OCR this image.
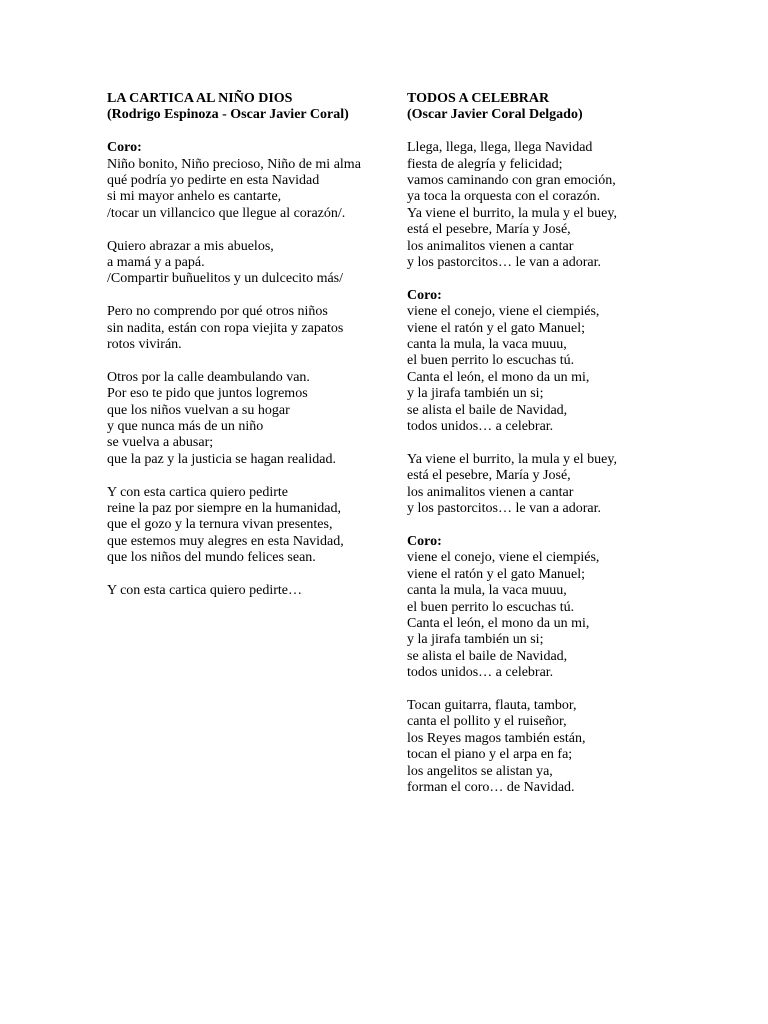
LA CARTICA AL NIÑO DIOS
(Rodrigo Espinoza - Oscar Javier Coral)
Coro:
Niño bonito, Niño precioso, Niño de mi alma
qué podría yo pedirte en esta Navidad
si mi mayor anhelo es cantarte,
/tocar un villancico que llegue al corazón/.
Quiero abrazar a mis abuelos,
a mamá y a papá.
/Compartir buñuelitos y un dulcecito más/
Pero no comprendo por qué otros niños
sin nadita, están con ropa viejita y zapatos
rotos vivirán.
Otros por la calle deambulando van.
Por eso te pido que juntos logremos
que los niños vuelvan a su hogar
y que nunca más de un niño
se vuelva a abusar;
que la paz y la justicia se hagan realidad.
Y con esta cartica quiero pedirte
reine la paz por siempre en la humanidad,
que el gozo y la ternura vivan presentes,
que estemos muy alegres en esta Navidad,
que los niños del mundo felices sean.
Y con esta cartica quiero pedirte…
TODOS A CELEBRAR
(Oscar Javier Coral Delgado)
Llega, llega, llega, llega Navidad
fiesta de alegría y felicidad;
vamos caminando con gran emoción,
ya toca la orquesta con el corazón.
Ya viene el burrito, la mula y el buey,
está el pesebre, María y José,
los animalitos vienen a cantar
y los pastorcitos… le van a adorar.
Coro:
viene el conejo, viene el ciempiés,
viene el ratón y el gato Manuel;
canta la mula, la vaca muuu,
el buen perrito lo escuchas tú.
Canta el león, el mono da un mi,
y la jirafa también un si;
se alista el baile de Navidad,
todos unidos… a celebrar.
Ya viene el burrito, la mula y el buey,
está el pesebre, María y José,
los animalitos vienen a cantar
y los pastorcitos… le van a adorar.
Coro:
viene el conejo, viene el ciempiés,
viene el ratón y el gato Manuel;
canta la mula, la vaca muuu,
el buen perrito lo escuchas tú.
Canta el león, el mono da un mi,
y la jirafa también un si;
se alista el baile de Navidad,
todos unidos… a celebrar.
Tocan guitarra, flauta, tambor,
canta el pollito y el ruiseñor,
los Reyes magos también están,
tocan el piano y el arpa en fa;
los angelitos se alistan ya,
forman el coro… de Navidad.
